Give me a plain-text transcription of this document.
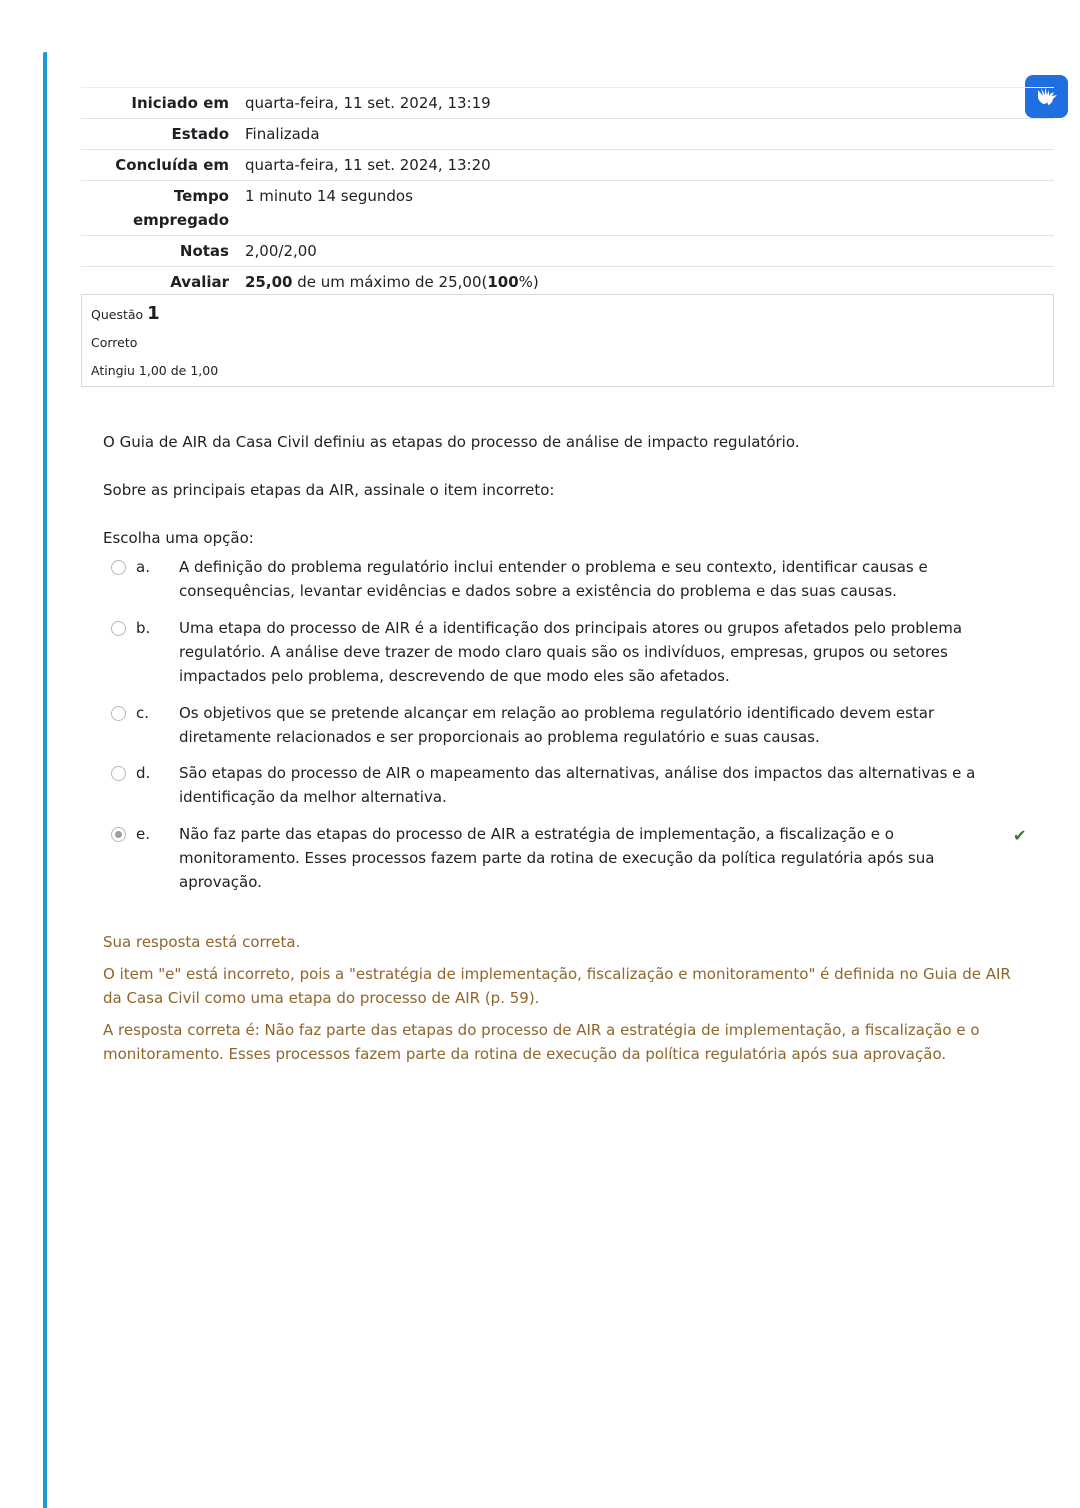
Iniciado em	quarta-feira, 11 set. 2024, 13:19
Estado	Finalizada
Concluída em	quarta-feira, 11 set. 2024, 13:20
Tempo empregado	1 minuto 14 segundos
Notas	2,00/2,00
Avaliar	25,00 de um máximo de 25,00(100%)
Questão 1
Correto
Atingiu 1,00 de 1,00

O Guia de AIR da Casa Civil definiu as etapas do processo de análise de impacto regulatório.

Sobre as principais etapas da AIR, assinale o item incorreto:

Escolha uma opção:

a.	A definição do problema regulatório inclui entender o problema e seu contexto, identificar causas e consequências, levantar evidências e dados sobre a existência do problema e das suas causas.
b.	Uma etapa do processo de AIR é a identificação dos principais atores ou grupos afetados pelo problema regulatório. A análise deve trazer de modo claro quais são os indivíduos, empresas, grupos ou setores impactados pelo problema, descrevendo de que modo eles são afetados.
c.	Os objetivos que se pretende alcançar em relação ao problema regulatório identificado devem estar diretamente relacionados e ser proporcionais ao problema regulatório e suas causas.
d.	São etapas do processo de AIR o mapeamento das alternativas, análise dos impactos das alternativas e a identificação da melhor alternativa.
e.	Não faz parte das etapas do processo de AIR a estratégia de implementação, a fiscalização e o monitoramento. Esses processos fazem parte da rotina de execução da política regulatória após sua aprovação.
✔

Sua resposta está correta.

O item "e" está incorreto, pois a "estratégia de implementação, fiscalização e monitoramento" é definida no Guia de AIR da Casa Civil como uma etapa do processo de AIR (p. 59).

A resposta correta é: Não faz parte das etapas do processo de AIR a estratégia de implementação, a fiscalização e o monitoramento. Esses processos fazem parte da rotina de execução da política regulatória após sua aprovação.
